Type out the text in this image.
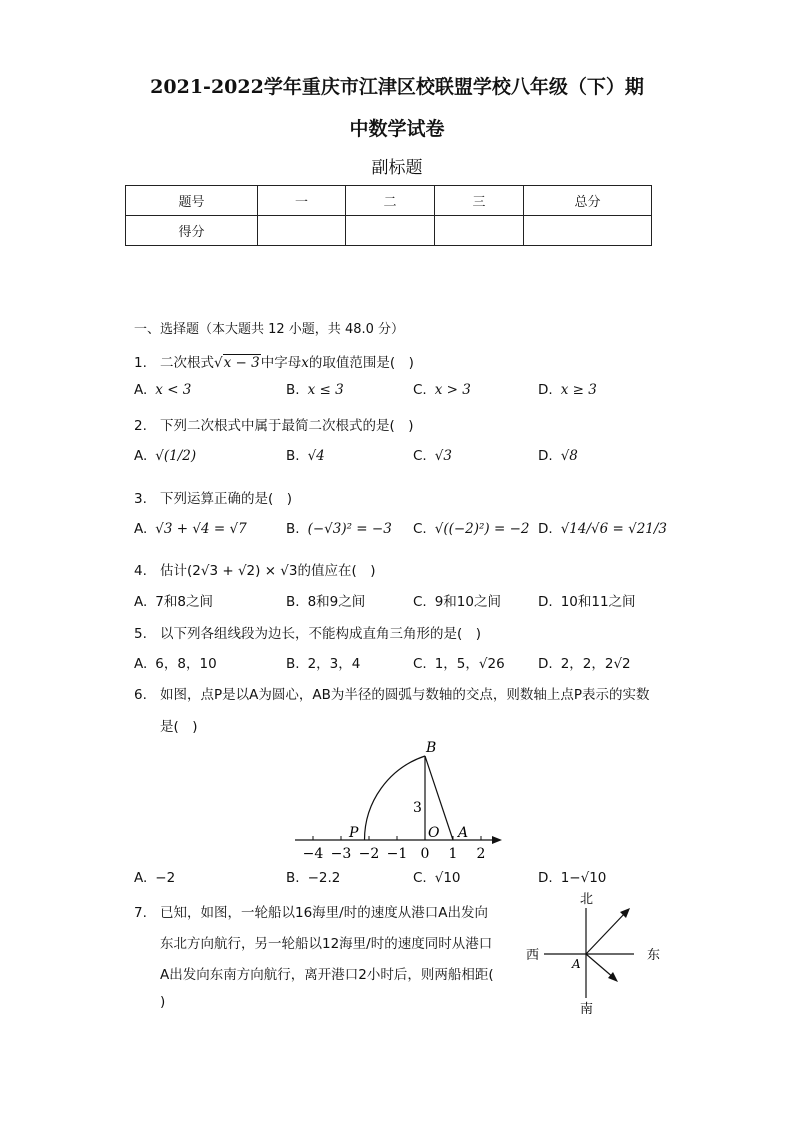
2021-2022学年重庆市江津区校联盟学校八年级（下）期
中数学试卷
副标题
题号	一	二	三	总分
得分				
一、选择题（本大题共 12 小题，共 48.0 分）
1. 二次根式√x − 3中字母x的取值范围是(　)
A. x < 3	B. x ≤ 3	C. x > 3	D. x ≥ 3
2. 下列二次根式中属于最简二次根式的是(　)
A. √(1/2)	B. √4	C. √3	D. √8
3. 下列运算正确的是(　)
A. √3 + √4 = √7	B. (−√3)² = −3 C. √((−2)²) = −2 D. √14/√6 = √21/3
4. 估计(2√3 + √2) × √3的值应在(　)
A. 7和8之间	B. 8和9之间	C. 9和10之间	D. 10和11之间
5. 以下列各组线段为边长，不能构成直角三角形的是(　)
A. 6，8，10	B. 2，3，4	C. 1，5，√26 D. 2，2，2√2
6. 如图，点P是以A为圆心，AB为半径的圆弧与数轴的交点，则数轴上点P表示的实数
是(　)
B
3
P	O A
−4 −3 −2 −1 0 1 2
A. −2	B. −2.2	C. √10	D. 1−√10
7. 已知，如图，一轮船以16海里/时的速度从港口A出发向
东北方向航行，另一轮船以12海里/时的速度同时从港口
A出发向东南方向航行，离开港口2小时后，则两船相距(
)
北
南
西	东
A
